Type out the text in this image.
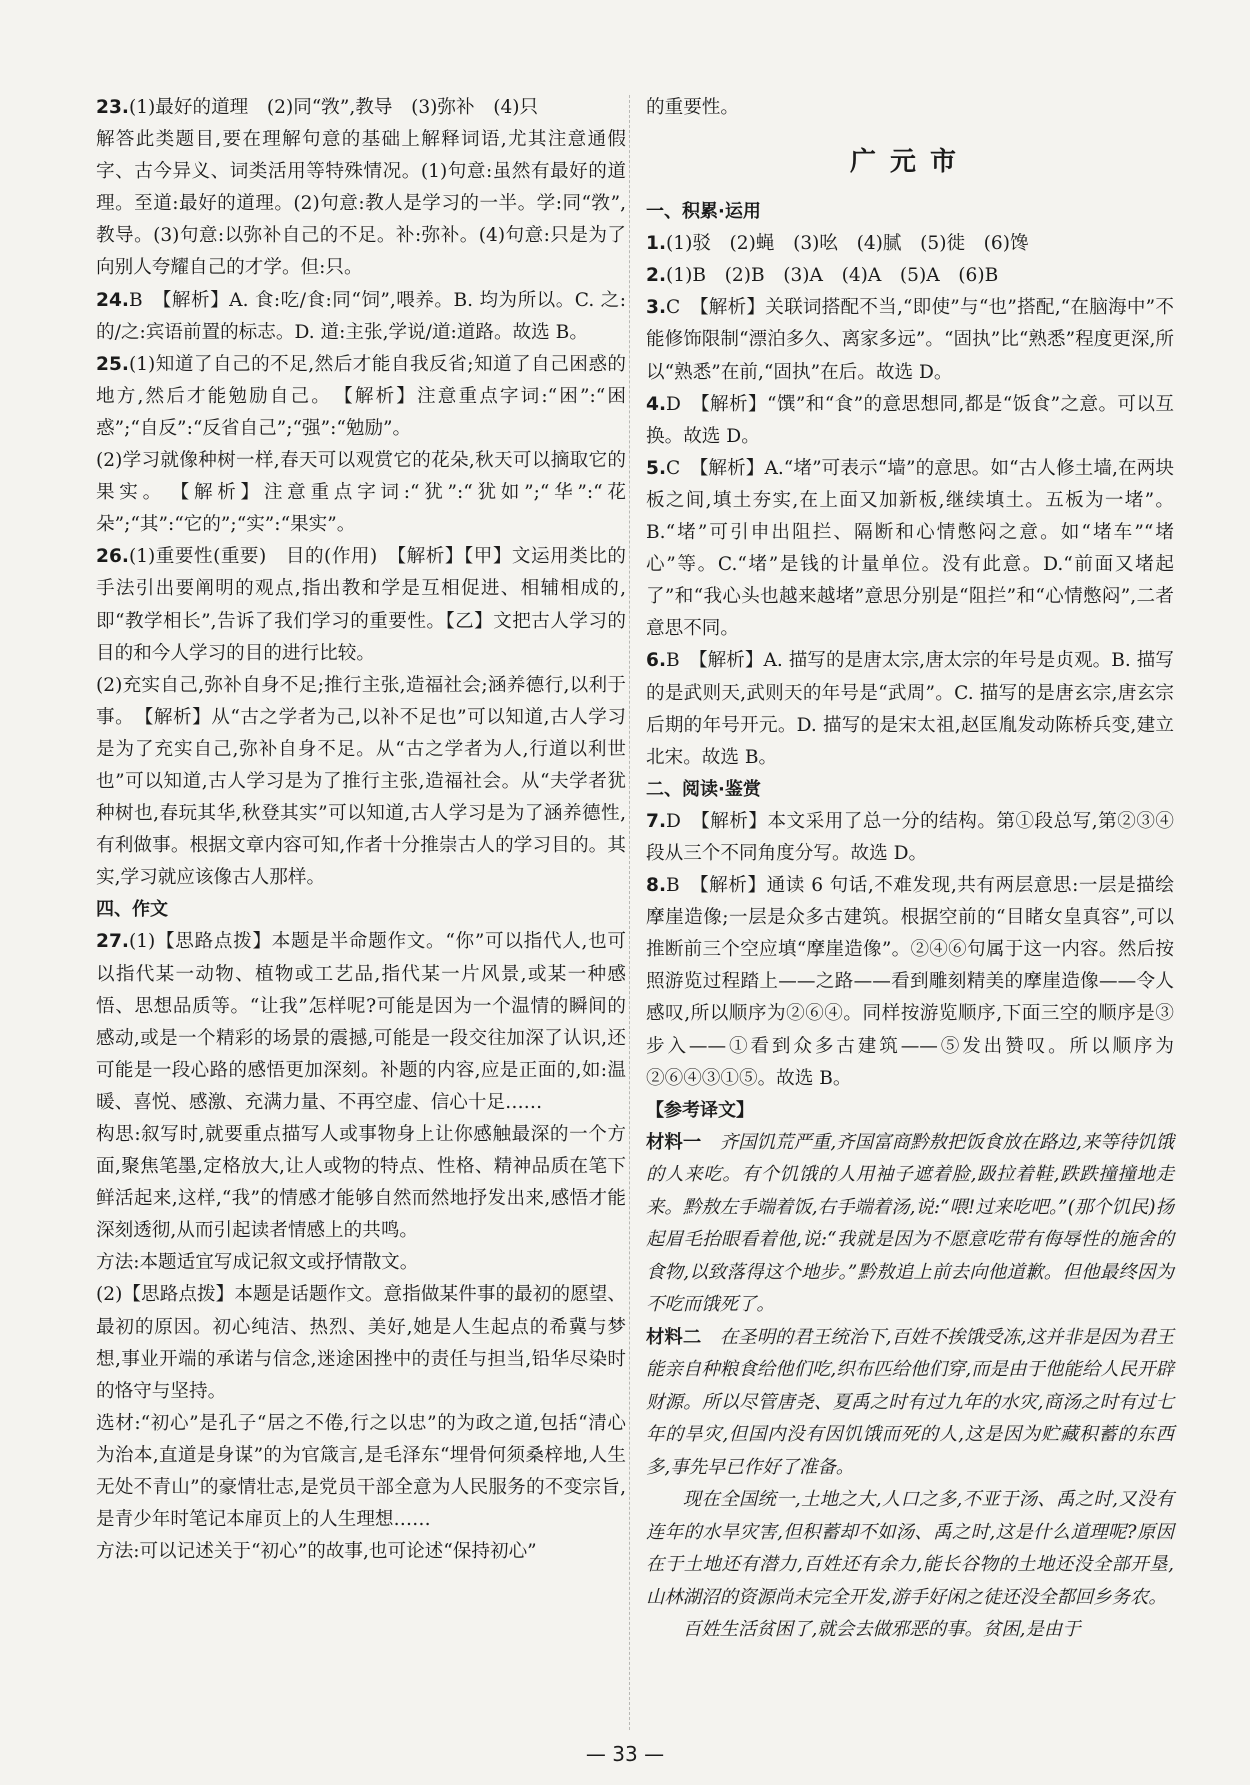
23.(1)最好的道理　(2)同“敩”,教导　(3)弥补　(4)只

解答此类题目,要在理解句意的基础上解释词语,尤其注意通假字、古今异义、词类活用等特殊情况。(1)句意:虽然有最好的道理。至道:最好的道理。(2)句意:教人是学习的一半。学:同“敩”,教导。(3)句意:以弥补自己的不足。补:弥补。(4)句意:只是为了向别人夸耀自己的才学。但:只。

24.B　【解析】A. 食:吃/食:同“饲”,喂养。B. 均为所以。C. 之:的/之:宾语前置的标志。D. 道:主张,学说/道:道路。故选 B。

25.(1)知道了自己的不足,然后才能自我反省;知道了自己困惑的地方,然后才能勉励自己。　【解析】注意重点字词:“困”:“困惑”;“自反”:“反省自己”;“强”:“勉励”。

(2)学习就像种树一样,春天可以观赏它的花朵,秋天可以摘取它的果实。　【解析】注意重点字词:“犹”:“犹如”;“华”:“花朵”;“其”:“它的”;“实”:“果实”。

26.(1)重要性(重要)　目的(作用)　【解析】【甲】文运用类比的手法引出要阐明的观点,指出教和学是互相促进、相辅相成的,即“教学相长”,告诉了我们学习的重要性。【乙】文把古人学习的目的和今人学习的目的进行比较。

(2)充实自己,弥补自身不足;推行主张,造福社会;涵养德行,以利于事。　【解析】从“古之学者为己,以补不足也”可以知道,古人学习是为了充实自己,弥补自身不足。从“古之学者为人,行道以利世也”可以知道,古人学习是为了推行主张,造福社会。从“夫学者犹种树也,春玩其华,秋登其实”可以知道,古人学习是为了涵养德性,有利做事。根据文章内容可知,作者十分推崇古人的学习目的。其实,学习就应该像古人那样。

四、作文

27.(1)【思路点拨】本题是半命题作文。“你”可以指代人,也可以指代某一动物、植物或工艺品,指代某一片风景,或某一种感悟、思想品质等。“让我”怎样呢?可能是因为一个温情的瞬间的感动,或是一个精彩的场景的震撼,可能是一段交往加深了认识,还可能是一段心路的感悟更加深刻。补题的内容,应是正面的,如:温暖、喜悦、感激、充满力量、不再空虚、信心十足……

构思:叙写时,就要重点描写人或事物身上让你感触最深的一个方面,聚焦笔墨,定格放大,让人或物的特点、性格、精神品质在笔下鲜活起来,这样,“我”的情感才能够自然而然地抒发出来,感悟才能深刻透彻,从而引起读者情感上的共鸣。

方法:本题适宜写成记叙文或抒情散文。

(2)【思路点拨】本题是话题作文。意指做某件事的最初的愿望、最初的原因。初心纯洁、热烈、美好,她是人生起点的希冀与梦想,事业开端的承诺与信念,迷途困挫中的责任与担当,铅华尽染时的恪守与坚持。

选材:“初心”是孔子“居之不倦,行之以忠”的为政之道,包括“清心为治本,直道是身谋”的为官箴言,是毛泽东“埋骨何须桑梓地,人生无处不青山”的豪情壮志,是党员干部全意为人民服务的不变宗旨,是青少年时笔记本扉页上的人生理想……

方法:可以记述关于“初心”的故事,也可论述“保持初心”

的重要性。

广元市

一、积累·运用

1.(1)驳　(2)蝇　(3)吆　(4)腻　(5)徙　(6)馋

2.(1)B　(2)B　(3)A　(4)A　(5)A　(6)B

3.C　【解析】关联词搭配不当,“即使”与“也”搭配,“在脑海中”不能修饰限制“漂泊多久、离家多远”。“固执”比“熟悉”程度更深,所以“熟悉”在前,“固执”在后。故选 D。

4.D　【解析】“馔”和“食”的意思想同,都是“饭食”之意。可以互换。故选 D。

5.C　【解析】A.“堵”可表示“墙”的意思。如“古人修土墙,在两块板之间,填土夯实,在上面又加新板,继续填土。五板为一堵”。B.“堵”可引申出阻拦、隔断和心情憋闷之意。如“堵车”“堵心”等。C.“堵”是钱的计量单位。没有此意。D.“前面又堵起了”和“我心头也越来越堵”意思分别是“阻拦”和“心情憋闷”,二者意思不同。

6.B　【解析】A. 描写的是唐太宗,唐太宗的年号是贞观。B. 描写的是武则天,武则天的年号是“武周”。C. 描写的是唐玄宗,唐玄宗后期的年号开元。D. 描写的是宋太祖,赵匡胤发动陈桥兵变,建立北宋。故选 B。

二、阅读·鉴赏

7.D　【解析】本文采用了总一分的结构。第①段总写,第②③④段从三个不同角度分写。故选 D。

8.B　【解析】通读 6 句话,不难发现,共有两层意思:一层是描绘摩崖造像;一层是众多古建筑。根据空前的“目睹女皇真容”,可以推断前三个空应填“摩崖造像”。②④⑥句属于这一内容。然后按照游览过程踏上——之路——看到雕刻精美的摩崖造像——令人感叹,所以顺序为②⑥④。同样按游览顺序,下面三空的顺序是③步入——①看到众多古建筑——⑤发出赞叹。所以顺序为②⑥④③①⑤。故选 B。

【参考译文】

材料一　齐国饥荒严重,齐国富商黔敖把饭食放在路边,来等待饥饿的人来吃。有个饥饿的人用袖子遮着脸,趿拉着鞋,跌跌撞撞地走来。黔敖左手端着饭,右手端着汤,说:“喂!过来吃吧。”(那个饥民)扬起眉毛抬眼看着他,说:“我就是因为不愿意吃带有侮辱性的施舍的食物,以致落得这个地步。”黔敖追上前去向他道歉。但他最终因为不吃而饿死了。

材料二　在圣明的君王统治下,百姓不挨饿受冻,这并非是因为君王能亲自种粮食给他们吃,织布匹给他们穿,而是由于他能给人民开辟财源。所以尽管唐尧、夏禹之时有过九年的水灾,商汤之时有过七年的旱灾,但国内没有因饥饿而死的人,这是因为贮藏积蓄的东西多,事先早已作好了准备。

现在全国统一,土地之大,人口之多,不亚于汤、禹之时,又没有连年的水旱灾害,但积蓄却不如汤、禹之时,这是什么道理呢?原因在于土地还有潜力,百姓还有余力,能长谷物的土地还没全部开垦,山林湖沼的资源尚未完全开发,游手好闲之徒还没全都回乡务农。

百姓生活贫困了,就会去做邪恶的事。贫困,是由于

— 33 —
